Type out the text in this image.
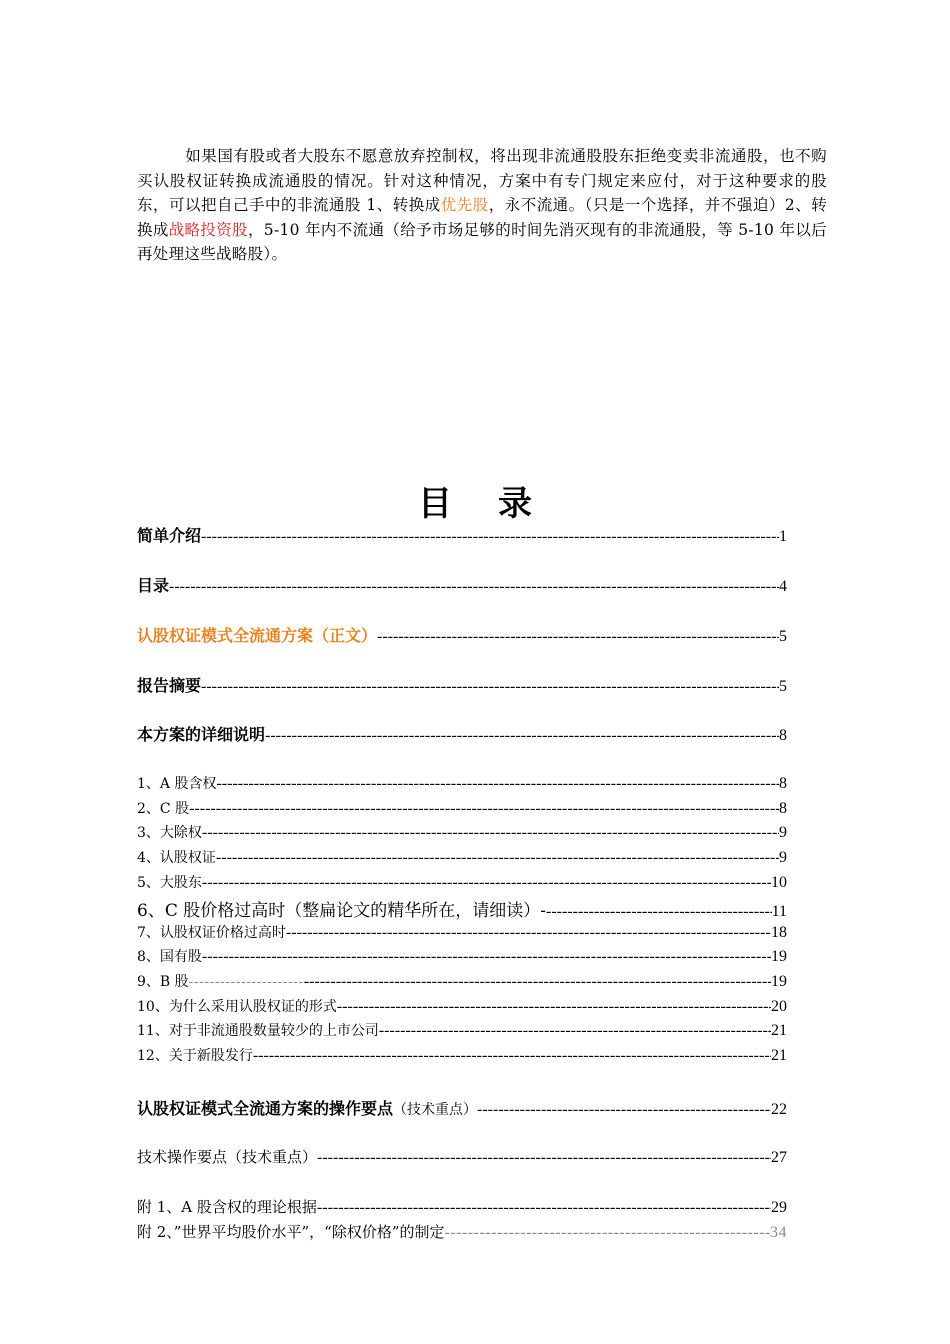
如果国有股或者大股东不愿意放弃控制权，将出现非流通股股东拒绝变卖非流通股，也不购买认股权证转换成流通股的情况。针对这种情况，方案中有专门规定来应付，对于这种要求的股东，可以把自己手中的非流通股 1、转换成优先股，永不流通。（只是一个选择，并不强迫）2、转换成战略投资股，5-10 年内不流通（给予市场足够的时间先消灭现有的非流通股，等 5-10 年以后再处理这些战略股）。
目录
简单介绍 -----	1
目录 -----	4
认股权证模式全流通方案（正文） -----	5
报告摘要 -----	5
本方案的详细说明 -----	8
1、A 股含权 -----	8
2、C 股 -----	8
3、大除权 -----	9
4、认股权证 -----	9
5、大股东 -----	10
6、C 股价格过高时（整扁论文的精华所在，请细读）- -----	11
7、认股权证价格过高时 -----	18
8、国有股 -----	19
9、B 股 ---------------------- -----	19
10、为什么采用认股权证的形式 -----	20
11、对于非流通股数量较少的上市公司 -----	21
12、关于新股发行 -----	21
认股权证模式全流通方案的操作要点 （技术重点） -----	22
技术操作要点（技术重点） -----	27
附 1、A 股含权的理论根据 -----	29
附 2、”世界平均股价水平”，“除权价格”的制定 -----	34
